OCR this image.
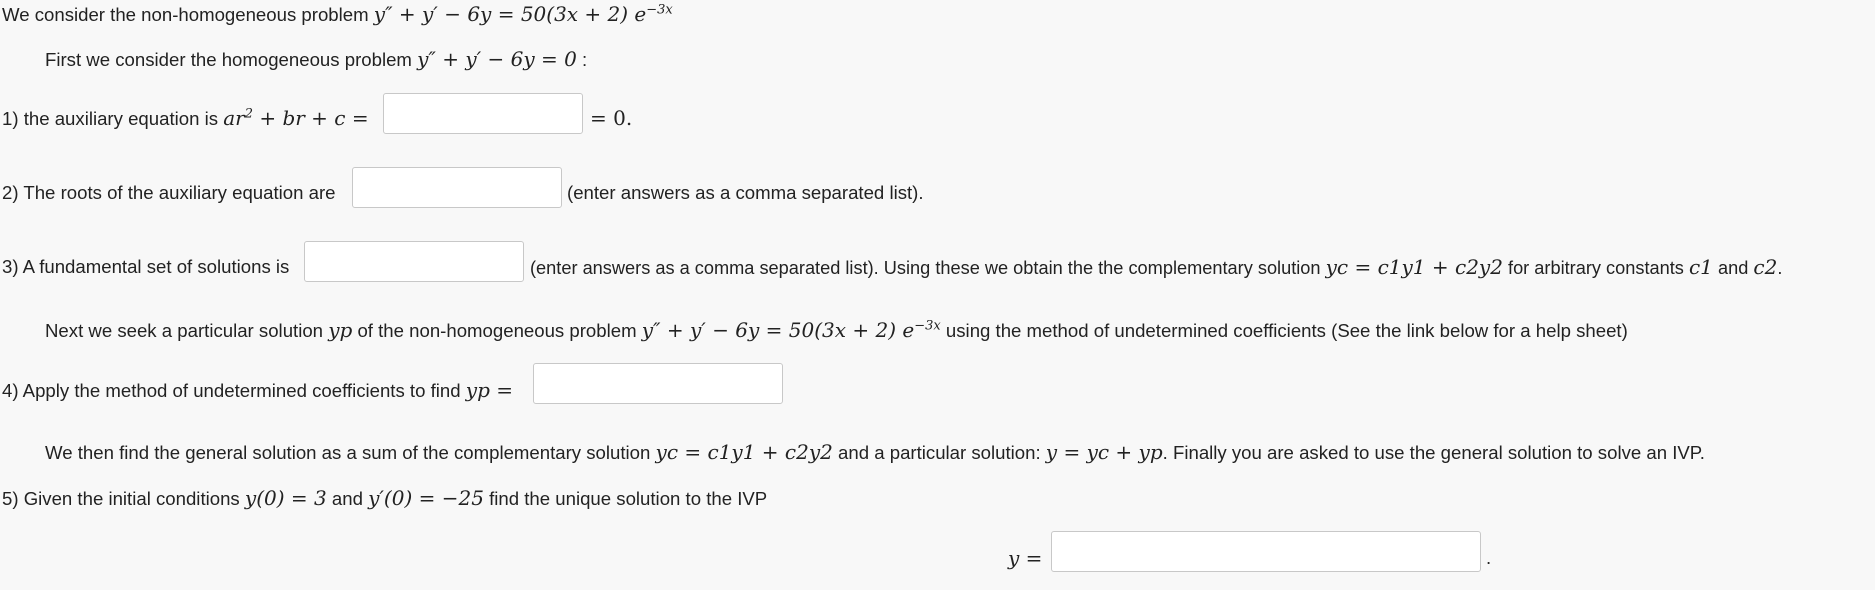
We consider the non-homogeneous problem y″ + y′ − 6y = 50(3x + 2) $e^{-3x}$
First we consider the homogeneous problem y″ + y′ − 6y = 0 :
1) the auxiliary equation is $ar^2$ + br + c =	= 0.
2) The roots of the auxiliary equation are	(enter answers as a comma separated list).
3) A fundamental set of solutions is	(enter answers as a comma separated list). Using these we obtain the the complementary solution yc = c1y1 + c2y2 for arbitrary constants c1 and c2.
Next we seek a particular solution yp of the non-homogeneous problem y″ + y′ − 6y = 50(3x + 2) $e^{-3x}$ using the method of undetermined coefficients (See the link below for a help sheet)
4) Apply the method of undetermined coefficients to find yp =
We then find the general solution as a sum of the complementary solution yc = c1y1 + c2y2 and a particular solution: y = yc + yp. Finally you are asked to use the general solution to solve an IVP.
5) Given the initial conditions y(0) = 3 and y′(0) = −25 find the unique solution to the IVP
y =	.
